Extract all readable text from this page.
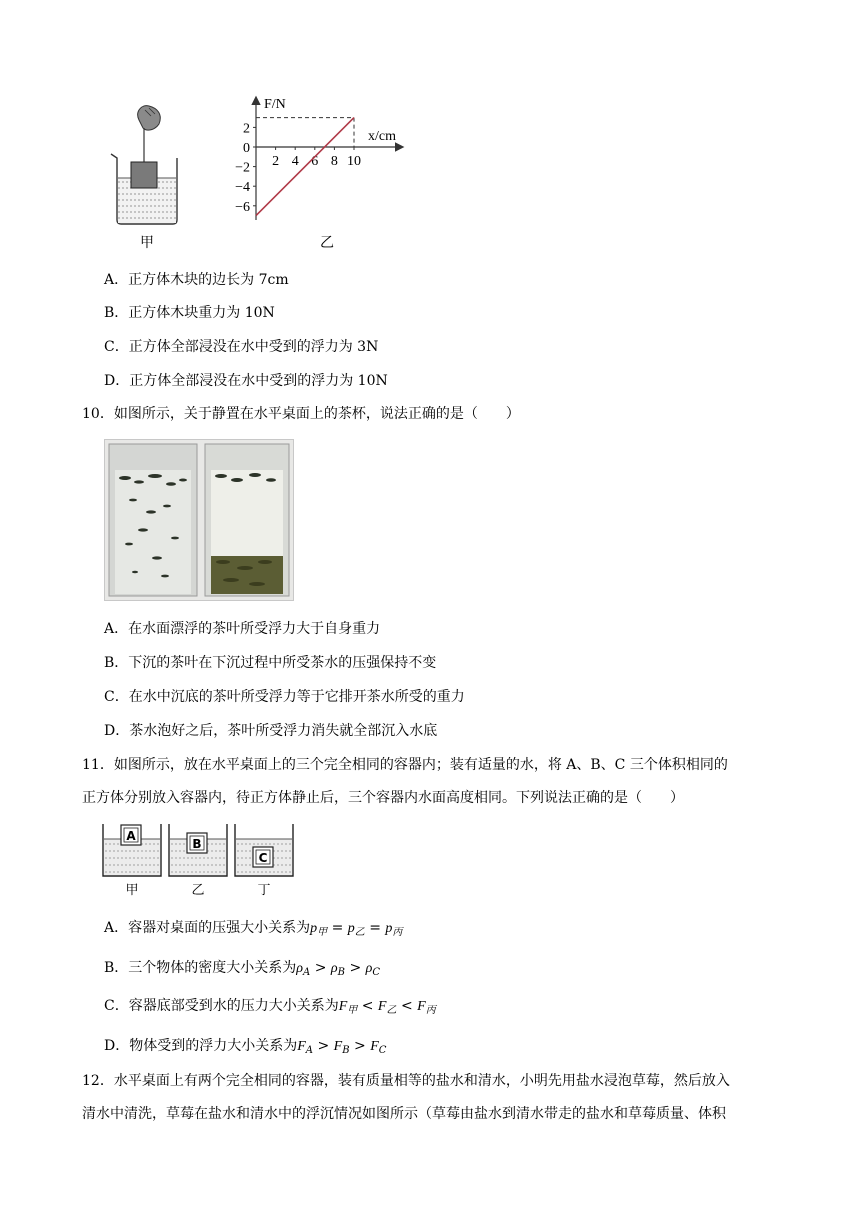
甲
F/N
x/cm
2
0
−2
−4
−6
2 4 6 8 10
乙
A．正方体木块的边长为 7cm
B．正方体木块重力为 10N
C．正方体全部浸没在水中受到的浮力为 3N
D．正方体全部浸没在水中受到的浮力为 10N
10．如图所示，关于静置在水平桌面上的茶杯，说法正确的是（　　）
A．在水面漂浮的茶叶所受浮力大于自身重力
B．下沉的茶叶在下沉过程中所受茶水的压强保持不变
C．在水中沉底的茶叶所受浮力等于它排开茶水所受的重力
D．茶水泡好之后，茶叶所受浮力消失就全部沉入水底
11．如图所示，放在水平桌面上的三个完全相同的容器内；装有适量的水，将 A、B、C 三个体积相同的
正方体分别放入容器内，待正方体静止后，三个容器内水面高度相同。下列说法正确的是（　　）
A
甲
B
乙
C
丁
A．容器对桌面的压强大小关系为$p_甲 = p_乙 = p_丙$
B．三个物体的密度大小关系为$\rho_A > \rho_B > \rho_C$
C．容器底部受到水的压力大小关系为$F_甲 < F_乙 < F_丙$
D．物体受到的浮力大小关系为$F_A > F_B > F_C$
12．水平桌面上有两个完全相同的容器，装有质量相等的盐水和清水，小明先用盐水浸泡草莓，然后放入
清水中清洗，草莓在盐水和清水中的浮沉情况如图所示（草莓由盐水到清水带走的盐水和草莓质量、体积
